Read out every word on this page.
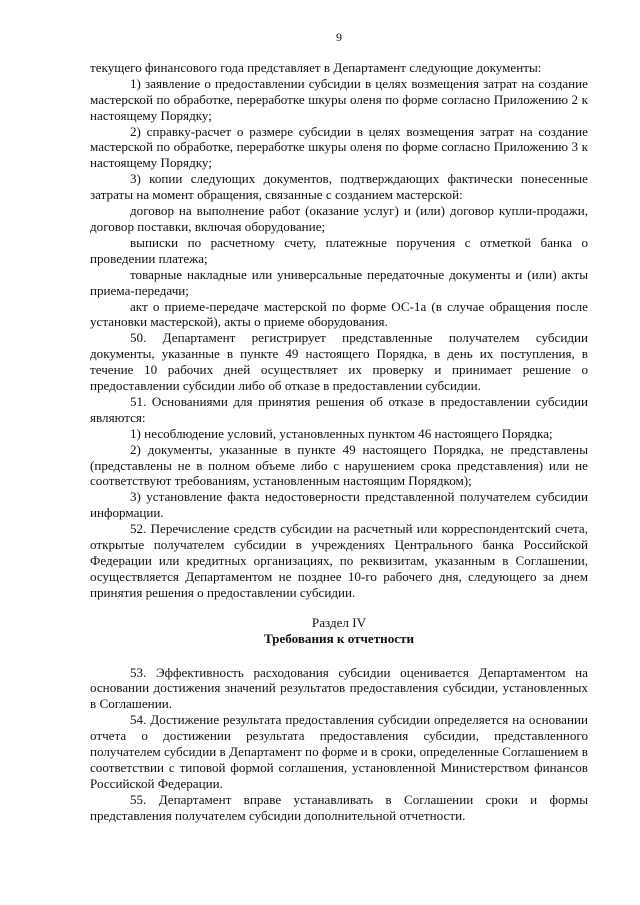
9

текущего финансового года представляет в Департамент следующие документы:

1) заявление о предоставлении субсидии в целях возмещения затрат на создание мастерской по обработке, переработке шкуры оленя по форме согласно Приложению 2 к настоящему Порядку;

2) справку-расчет о размере субсидии в целях возмещения затрат на создание мастерской по обработке, переработке шкуры оленя по форме согласно Приложению 3 к настоящему Порядку;

3) копии следующих документов, подтверждающих фактически понесенные затраты на момент обращения, связанные с созданием мастерской:

договор на выполнение работ (оказание услуг) и (или) договор купли-продажи, договор поставки, включая оборудование;

выписки по расчетному счету, платежные поручения с отметкой банка о проведении платежа;

товарные накладные или универсальные передаточные документы и (или) акты приема-передачи;

акт о приеме-передаче мастерской по форме ОС-1а (в случае обращения после установки мастерской), акты о приеме оборудования.

50. Департамент регистрирует представленные получателем субсидии документы, указанные в пункте 49 настоящего Порядка, в день их поступления, в течение 10 рабочих дней осуществляет их проверку и принимает решение о предоставлении субсидии либо об отказе в предоставлении субсидии.

51. Основаниями для принятия решения об отказе в предоставлении субсидии являются:

1) несоблюдение условий, установленных пунктом 46 настоящего Порядка;

2) документы, указанные в пункте 49 настоящего Порядка, не представлены (представлены не в полном объеме либо с нарушением срока представления) или не соответствуют требованиям, установленным настоящим Порядком);

3) установление факта недостоверности представленной получателем субсидии информации.

52. Перечисление средств субсидии на расчетный или корреспондентский счета, открытые получателем субсидии в учреждениях Центрального банка Российской Федерации или кредитных организациях, по реквизитам, указанным в Соглашении, осуществляется Департаментом не позднее 10-го рабочего дня, следующего за днем принятия решения о предоставлении субсидии.

Раздел IV
Требования к отчетности

53. Эффективность расходования субсидии оценивается Департаментом на основании достижения значений результатов предоставления субсидии, установленных в Соглашении.

54. Достижение результата предоставления субсидии определяется на основании отчета о достижении результата предоставления субсидии, представленного получателем субсидии в Департамент по форме и в сроки, определенные Соглашением в соответствии с типовой формой соглашения, установленной Министерством финансов Российской Федерации.

55. Департамент вправе устанавливать в Соглашении сроки и формы представления получателем субсидии дополнительной отчетности.
